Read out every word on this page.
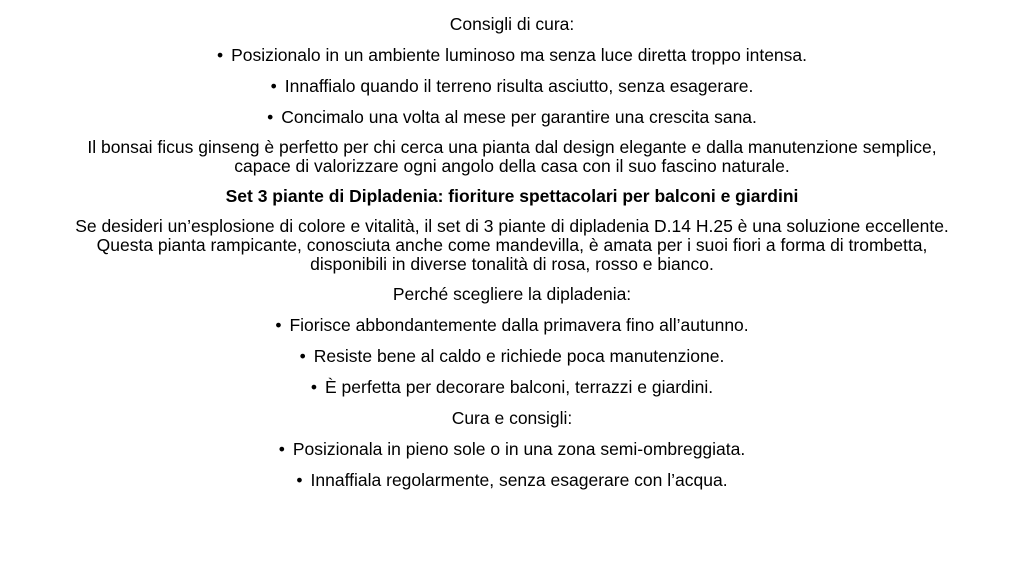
Consigli di cura:
• Posizionalo in un ambiente luminoso ma senza luce diretta troppo intensa.
• Innaffialo quando il terreno risulta asciutto, senza esagerare.
• Concimalo una volta al mese per garantire una crescita sana.
Il bonsai ficus ginseng è perfetto per chi cerca una pianta dal design elegante e dalla manutenzione semplice, capace di valorizzare ogni angolo della casa con il suo fascino naturale.
Set 3 piante di Dipladenia: fioriture spettacolari per balconi e giardini
Se desideri un’esplosione di colore e vitalità, il set di 3 piante di dipladenia D.14 H.25 è una soluzione eccellente. Questa pianta rampicante, conosciuta anche come mandevilla, è amata per i suoi fiori a forma di trombetta, disponibili in diverse tonalità di rosa, rosso e bianco.
Perché scegliere la dipladenia:
• Fiorisce abbondantemente dalla primavera fino all’autunno.
• Resiste bene al caldo e richiede poca manutenzione.
• È perfetta per decorare balconi, terrazzi e giardini.
Cura e consigli:
• Posizionala in pieno sole o in una zona semi-ombreggiata.
• Innaffiala regolarmente, senza esagerare con l’acqua.
